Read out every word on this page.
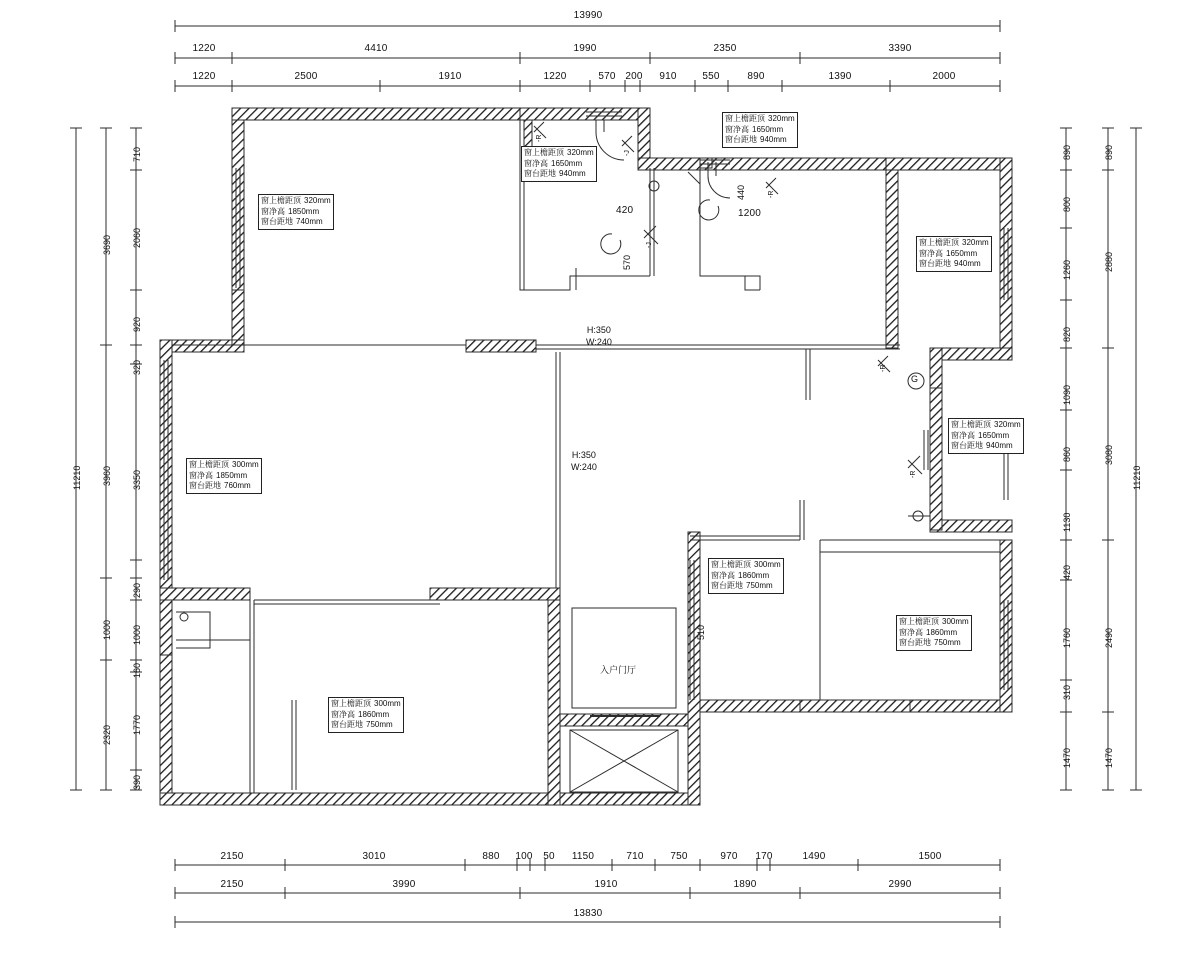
13990
1220	4410	1990	2350	3390
1220	2500	1910	1220	570 200 910	550	890	1390	2000
2150	3010	880 100 50 1150	710	750	970 170	1490	1500
2150	3990	1910	1890	2990
13830
11210
3690
3960
1000
2320
710
2060
920
320
3350
290
1000
160
1770
390
890
800
1260
820
1090
860
1130
420
1760
310
1470
890
2880
3080
2490
1470
11210
窗上檐距顶 320mm
窗净高 1850mm
窗台距地 740mm
窗上檐距顶 320mm
窗净高 1650mm
窗台距地 940mm
窗上檐距顶 320mm
窗净高 1650mm
窗台距地 940mm
窗上檐距顶 320mm
窗净高 1650mm
窗台距地 940mm
窗上檐距顶 320mm
窗净高 1650mm
窗台距地 940mm
窗上檐距顶 300mm
窗净高 1850mm
窗台距地 760mm
窗上檐距顶 300mm
窗净高 1860mm
窗台距地 750mm
窗上檐距顶 300mm
窗净高 1860mm
窗台距地 750mm
窗上檐距顶 300mm
窗净高 1860mm
窗台距地 750mm
H:350
W:240
H:350
W:240
420
570
440
1200
510
入户门厅
G
-R
-R
-J
-R
-J
-R
